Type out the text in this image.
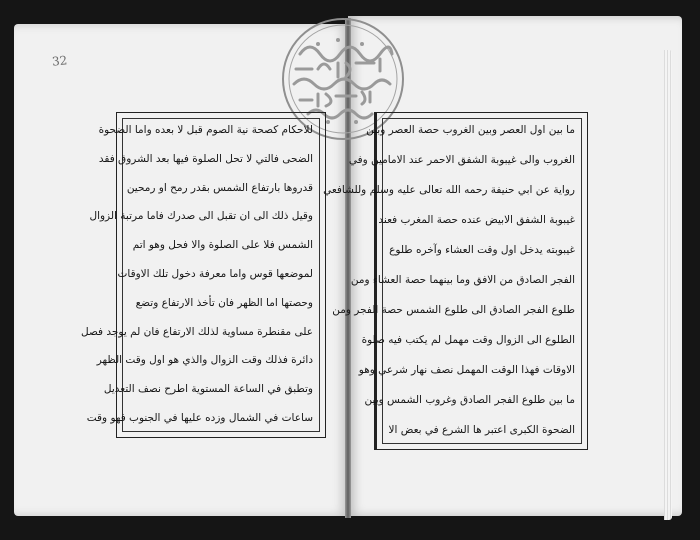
32
للاحكام كصحة نية الصوم قبل لا بعده واما الضحوة
الضحى فالتي لا تحل الصلوة فيها بعد الشروق فقد
قدروها بارتفاع الشمس بقدر رمح او رمحين
وقيل ذلك الى ان تقبل الى صدرك فاما مرتبة الزوال
الشمس فلا على الصلوة والا فحل وهو اتم
لموضعها قوس واما معرفة دخول تلك الاوقات
وحصتها اما الظهر فان تأخذ الارتفاع وتضع
على مقنطرة مساوية لذلك الارتفاع فان لم يوجد فصل
دائرة فذلك وقت الزوال والذي هو اول وقت الظهر
وتطبق في الساعة المستوية اطرح نصف التعديل
ساعات في الشمال وزده عليها في الجنوب فهو وقت
ما بين اول العصر وبين الغروب حصة العصر وبين
الغروب والى غيبوبة الشفق الاحمر عند الامامين وفي
رواية عن ابي حنيفة رحمه الله تعالى عليه وسلم وللشافعي
غيبوبة الشفق الابيض عنده حصة المغرب فعند
غيبوبته يدخل اول وقت العشاء وآخره طلوع
الفجر الصادق من الافق وما بينهما حصة العشاء ومن
طلوع الفجر الصادق الى طلوع الشمس حصة الفجر ومن
الطلوع الى الزوال وقت مهمل لم يكتب فيه صلوة
الاوقات فهذا الوقت المهمل نصف نهار شرعي وهو
ما بين طلوع الفجر الصادق وغروب الشمس وبين
الضحوة الكبرى اعتبر ها الشرع في بعض الا
